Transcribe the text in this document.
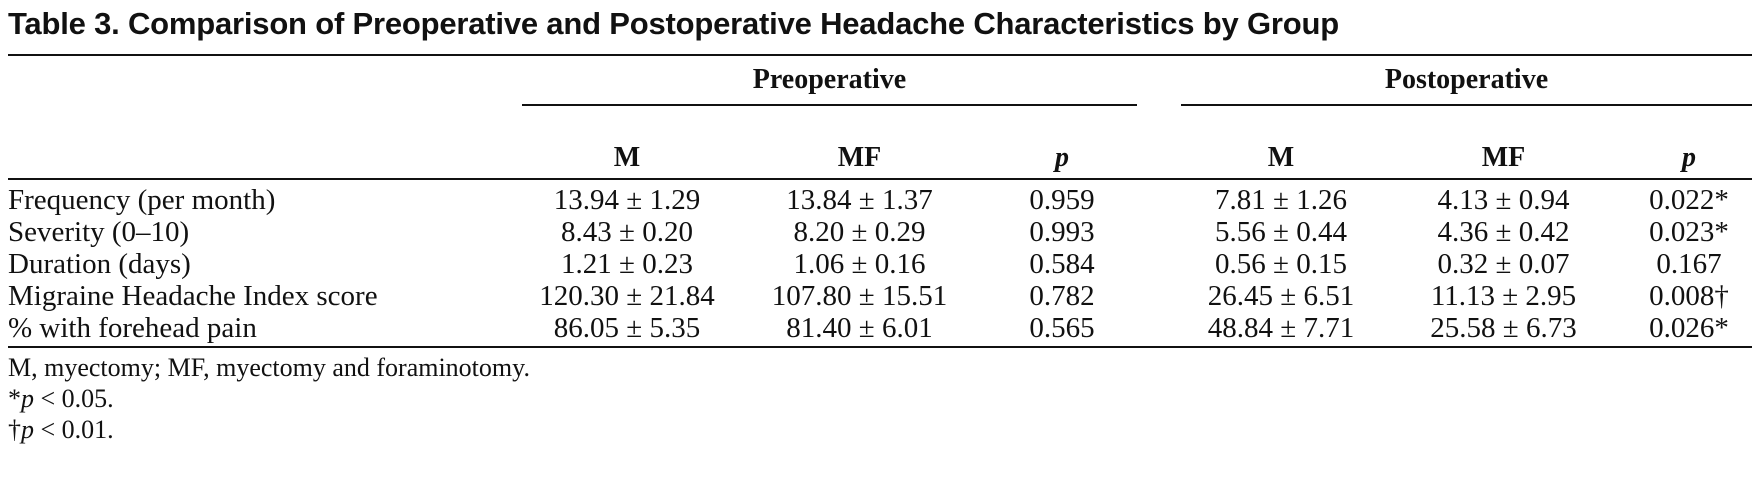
Table 3. Comparison of Preoperative and Postoperative Headache Characteristics by Group

	Preoperative				Postoperative		

	M	MF	p		M	MF	p
Frequency (per month)	13.94 ± 1.29	13.84 ± 1.37	0.959		7.81 ± 1.26	4.13 ± 0.94	0.022*
Severity (0–10)	8.43 ± 0.20	8.20 ± 0.29	0.993		5.56 ± 0.44	4.36 ± 0.42	0.023*
Duration (days)	1.21 ± 0.23	1.06 ± 0.16	0.584		0.56 ± 0.15	0.32 ± 0.07	0.167
Migraine Headache Index score	120.30 ± 21.84	107.80 ± 15.51	0.782		26.45 ± 6.51	11.13 ± 2.95	0.008†
% with forehead pain	86.05 ± 5.35	81.40 ± 6.01	0.565		48.84 ± 7.71	25.58 ± 6.73	0.026*
M, myectomy; MF, myectomy and foraminotomy.
*p < 0.05.
†p < 0.01.
